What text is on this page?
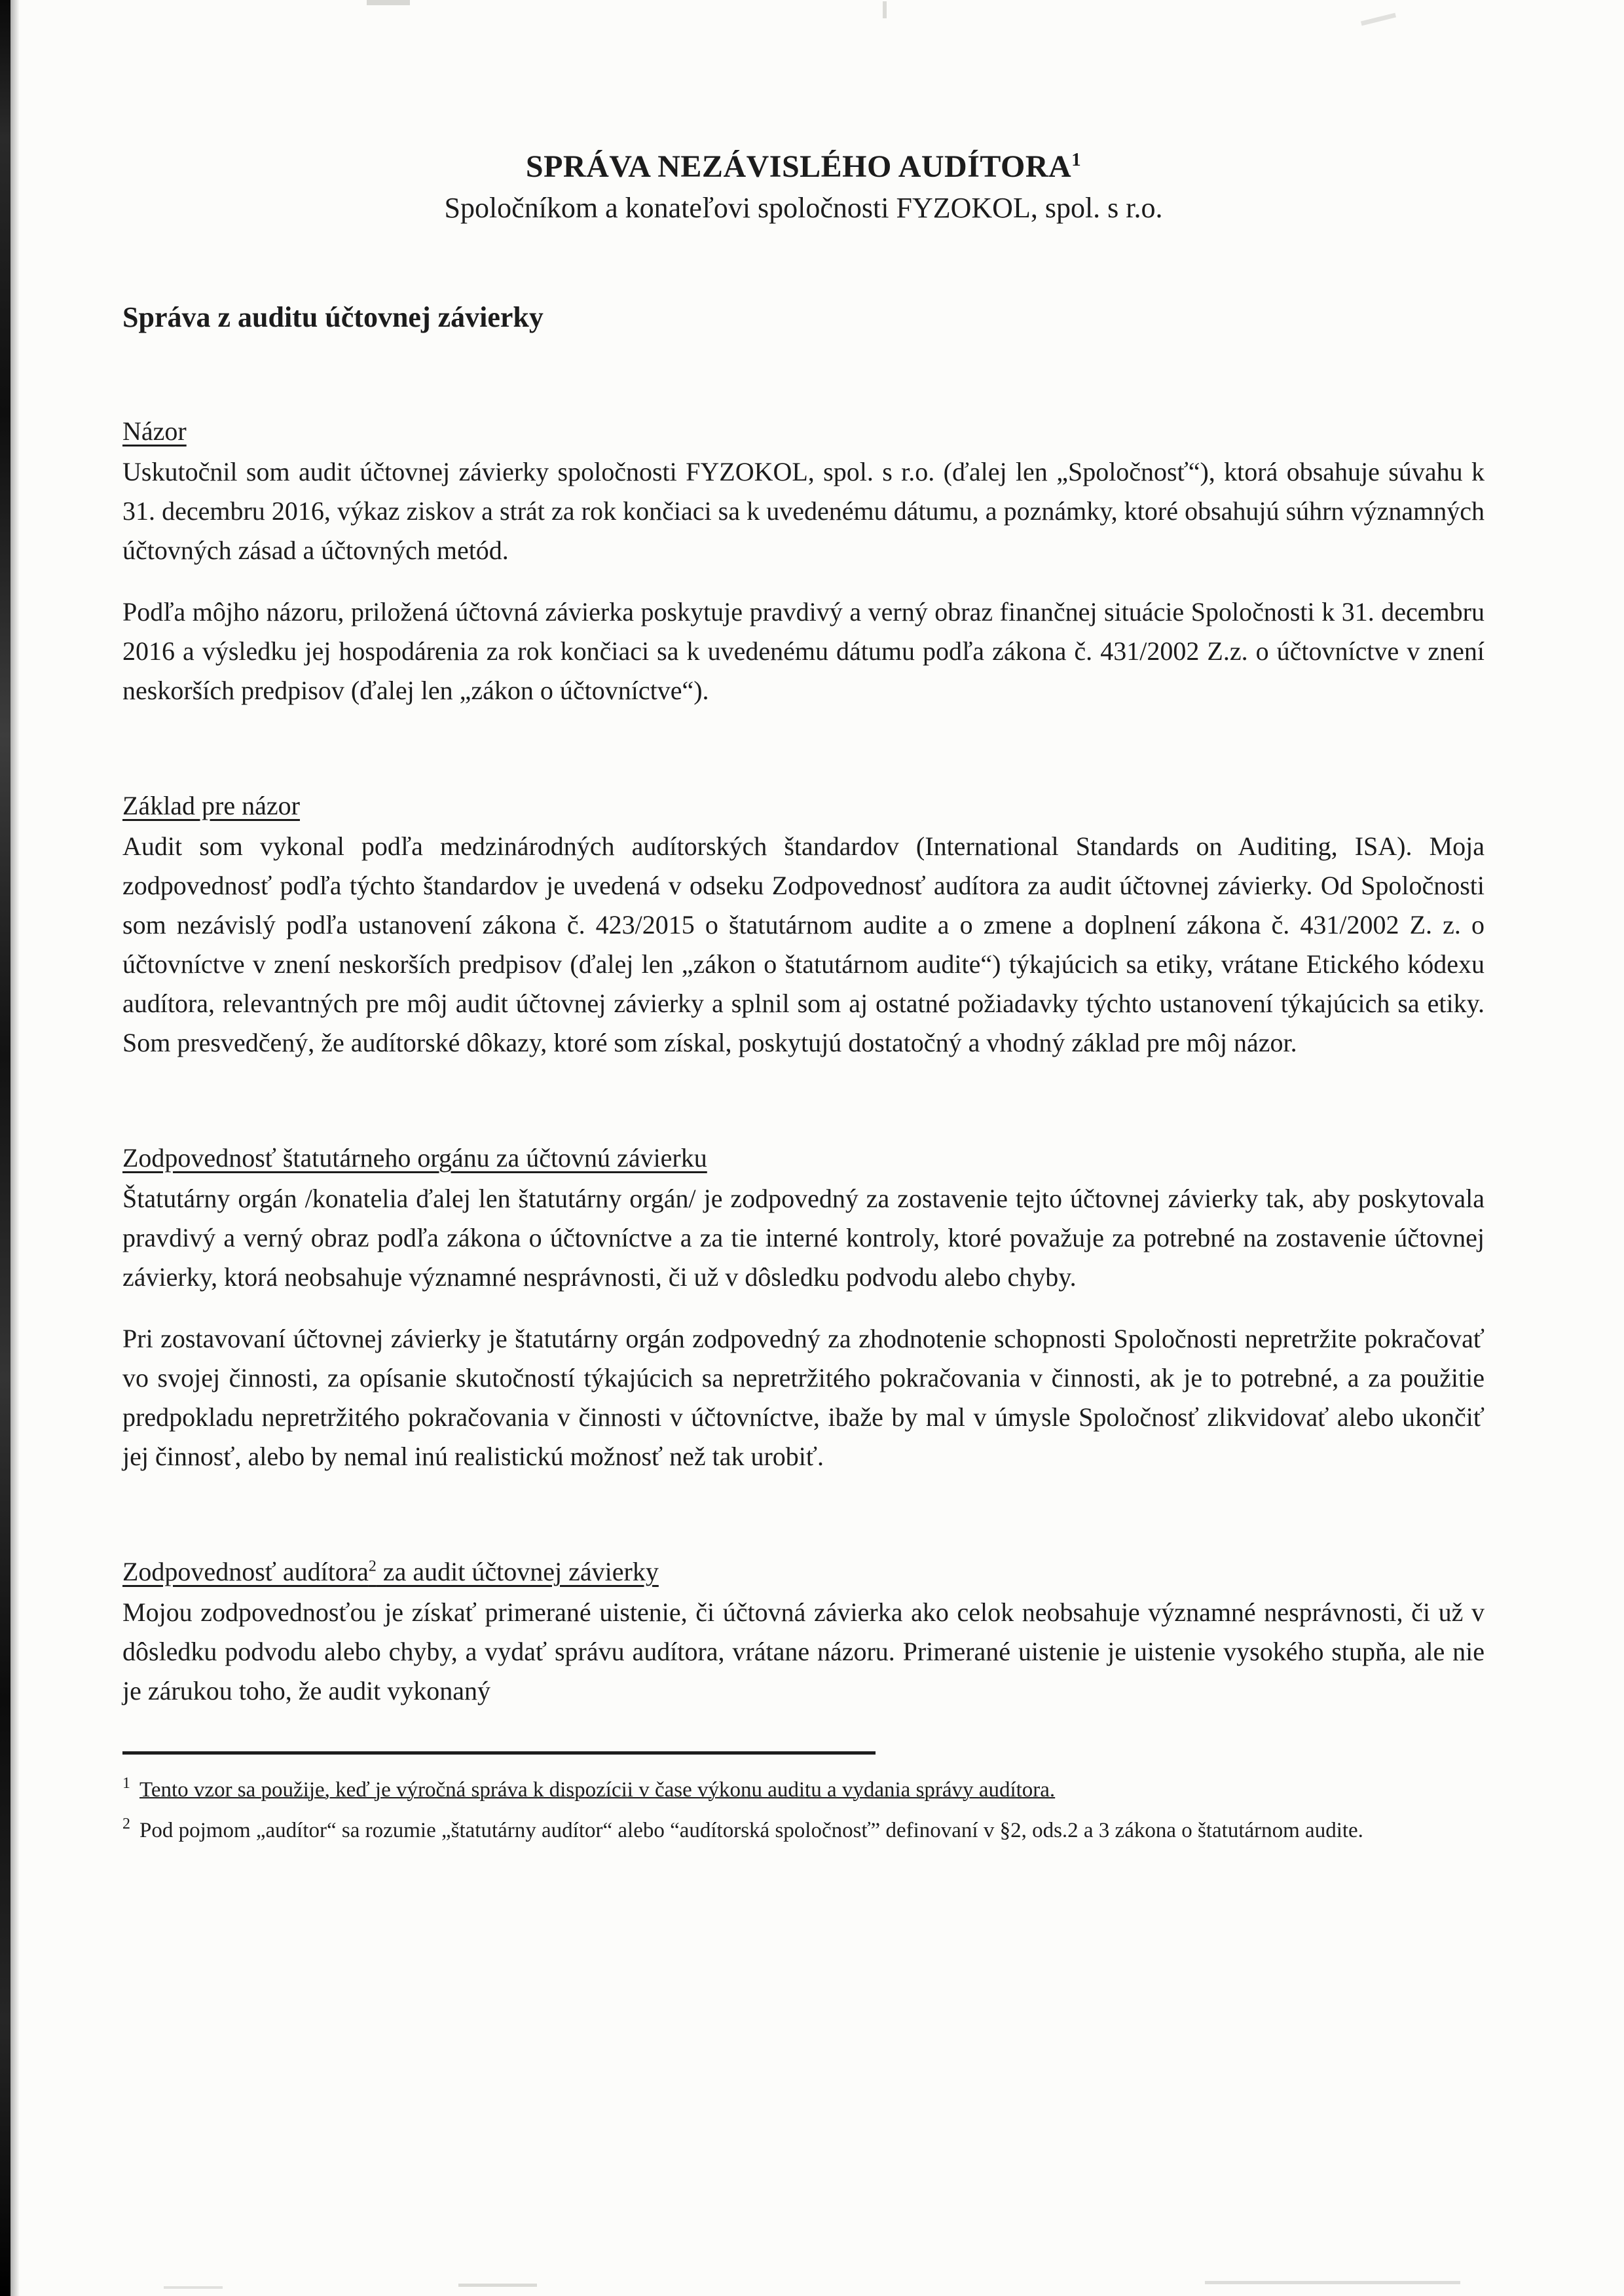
SPRÁVA NEZÁVISLÉHO AUDÍTORA$^1$
Spoločníkom a konateľovi spoločnosti FYZOKOL, spol. s r.o.
Správa z auditu účtovnej závierky
Názor
Uskutočnil som audit účtovnej závierky spoločnosti FYZOKOL, spol. s r.o. (ďalej len „Spoločnosť“), ktorá obsahuje súvahu k 31. decembru 2016, výkaz ziskov a strát za rok končiaci sa k uvedenému dátumu, a poznámky, ktoré obsahujú súhrn významných účtovných zásad a účtovných metód.
Podľa môjho názoru, priložená účtovná závierka poskytuje pravdivý a verný obraz finančnej situácie Spoločnosti k 31. decembru 2016 a výsledku jej hospodárenia za rok končiaci sa k uvedenému dátumu podľa zákona č. 431/2002 Z.z. o účtovníctve v znení neskorších predpisov (ďalej len „zákon o účtovníctve“).
Základ pre názor
Audit som vykonal podľa medzinárodných audítorských štandardov (International Standards on Auditing, ISA). Moja zodpovednosť podľa týchto štandardov je uvedená v odseku Zodpovednosť audítora za audit účtovnej závierky. Od Spoločnosti som nezávislý podľa ustanovení zákona č. 423/2015 o štatutárnom audite a o zmene a doplnení zákona č. 431/2002 Z. z. o účtovníctve v znení neskorších predpisov (ďalej len „zákon o štatutárnom audite“) týkajúcich sa etiky, vrátane Etického kódexu audítora, relevantných pre môj audit účtovnej závierky a splnil som aj ostatné požiadavky týchto ustanovení týkajúcich sa etiky. Som presvedčený, že audítorské dôkazy, ktoré som získal, poskytujú dostatočný a vhodný základ pre môj názor.
Zodpovednosť štatutárneho orgánu za účtovnú závierku
Štatutárny orgán /konatelia ďalej len štatutárny orgán/ je zodpovedný za zostavenie tejto účtovnej závierky tak, aby poskytovala pravdivý a verný obraz podľa zákona o účtovníctve a za tie interné kontroly, ktoré považuje za potrebné na zostavenie účtovnej závierky, ktorá neobsahuje významné nesprávnosti, či už v dôsledku podvodu alebo chyby.
Pri zostavovaní účtovnej závierky je štatutárny orgán zodpovedný za zhodnotenie schopnosti Spoločnosti nepretržite pokračovať vo svojej činnosti, za opísanie skutočností týkajúcich sa nepretržitého pokračovania v činnosti, ak je to potrebné, a za použitie predpokladu nepretržitého pokračovania v činnosti v účtovníctve, ibaže by mal v úmysle Spoločnosť zlikvidovať alebo ukončiť jej činnosť, alebo by nemal inú realistickú možnosť než tak urobiť.
Zodpovednosť audítora$^2$ za audit účtovnej závierky
Mojou zodpovednosťou je získať primerané uistenie, či účtovná závierka ako celok neobsahuje významné nesprávnosti, či už v dôsledku podvodu alebo chyby, a vydať správu audítora, vrátane názoru. Primerané uistenie je uistenie vysokého stupňa, ale nie je zárukou toho, že audit vykonaný
1 Tento vzor sa použije, keď je výročná správa k dispozícii v čase výkonu auditu a vydania správy audítora.
2 Pod pojmom „audítor“ sa rozumie „štatutárny audítor“ alebo “audítorská spoločnosť” definovaní v §2, ods.2 a 3 zákona o štatutárnom audite.
